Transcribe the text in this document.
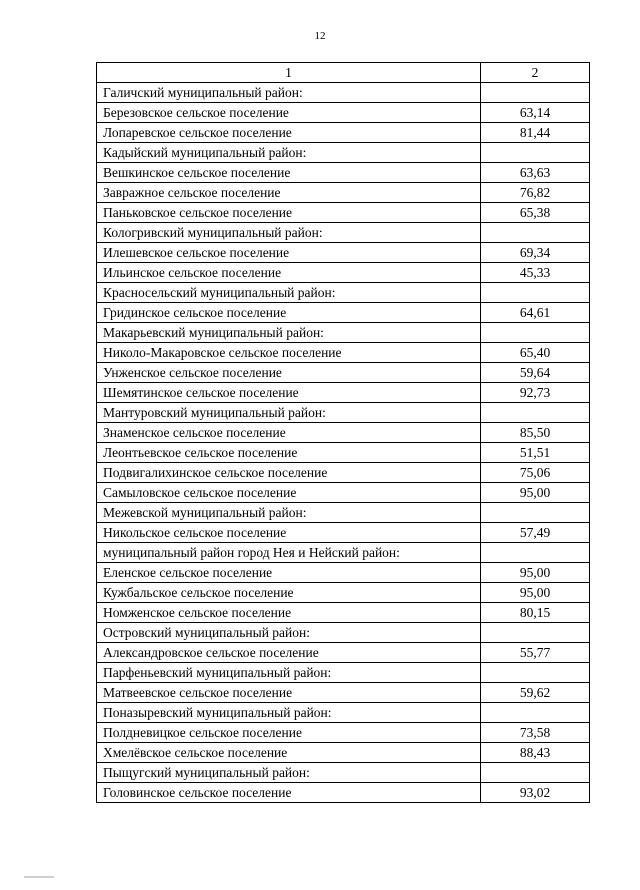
12
1	2
Галичский муниципальный район:	
Березовское сельское поселение	63,14
Лопаревское сельское поселение	81,44
Кадыйский муниципальный район:	
Вешкинское сельское поселение	63,63
Завражное сельское поселение	76,82
Паньковское сельское поселение	65,38
Кологривский муниципальный район:	
Илешевское сельское поселение	69,34
Ильинское сельское поселение	45,33
Красносельский муниципальный район:	
Гридинское сельское поселение	64,61
Макарьевский муниципальный район:	
Николо-Макаровское сельское поселение	65,40
Унженское сельское поселение	59,64
Шемятинское сельское поселение	92,73
Мантуровский муниципальный район:	
Знаменское сельское поселение	85,50
Леонтьевское сельское поселение	51,51
Подвигалихинское сельское поселение	75,06
Самыловское сельское поселение	95,00
Межевской муниципальный район:	
Никольское сельское поселение	57,49
муниципальный район город Нея и Нейский район:	
Еленское сельское поселение	95,00
Кужбальское сельское поселение	95,00
Номженское сельское поселение	80,15
Островский муниципальный район:	
Александровское сельское поселение	55,77
Парфеньевский муниципальный район:	
Матвеевское сельское поселение	59,62
Поназыревский муниципальный район:	
Полдневицкое сельское поселение	73,58
Хмелёвское сельское поселение	88,43
Пыщугский муниципальный район:	
Головинское сельское поселение	93,02
